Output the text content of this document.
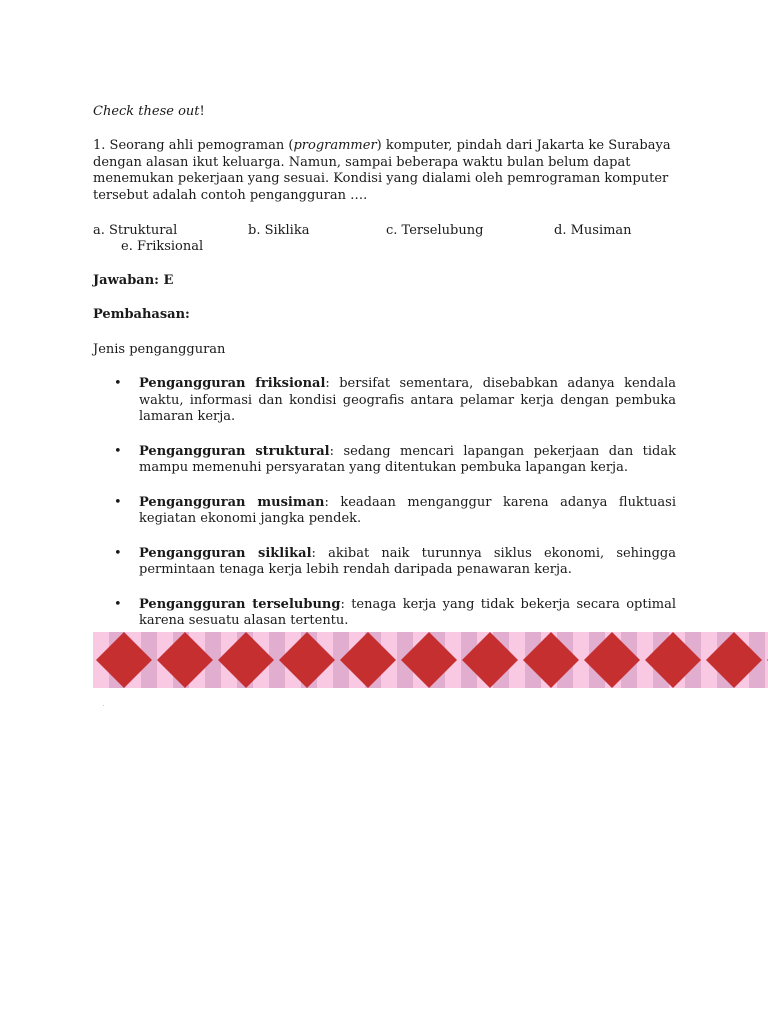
Check these out!
1. Seorang ahli pemograman (programmer) komputer, pindah dari Jakarta ke Surabaya dengan alasan ikut keluarga. Namun, sampai beberapa waktu bulan belum dapat menemukan pekerjaan yang sesuai. Kondisi yang dialami oleh pemrograman komputer tersebut adalah contoh pengangguran ….
a. Struktural	b. Siklika	c. Terselubung	d. Musiman
e. Friksional
Jawaban: E
Pembahasan:
Jenis pengangguran
• Pengangguran friksional: bersifat sementara, disebabkan adanya kendala waktu, informasi dan kondisi geografis antara pelamar kerja dengan pembuka lamaran kerja.
• Pengangguran struktural: sedang mencari lapangan pekerjaan dan tidak mampu memenuhi persyaratan yang ditentukan pembuka lapangan kerja.
• Pengangguran musiman: keadaan menganggur karena adanya fluktuasi kegiatan ekonomi jangka pendek.
• Pengangguran siklikal: akibat naik turunnya siklus ekonomi, sehingga permintaan tenaga kerja lebih rendah daripada penawaran kerja.
• Pengangguran terselubung: tenaga kerja yang tidak bekerja secara optimal karena sesuatu alasan tertentu.
